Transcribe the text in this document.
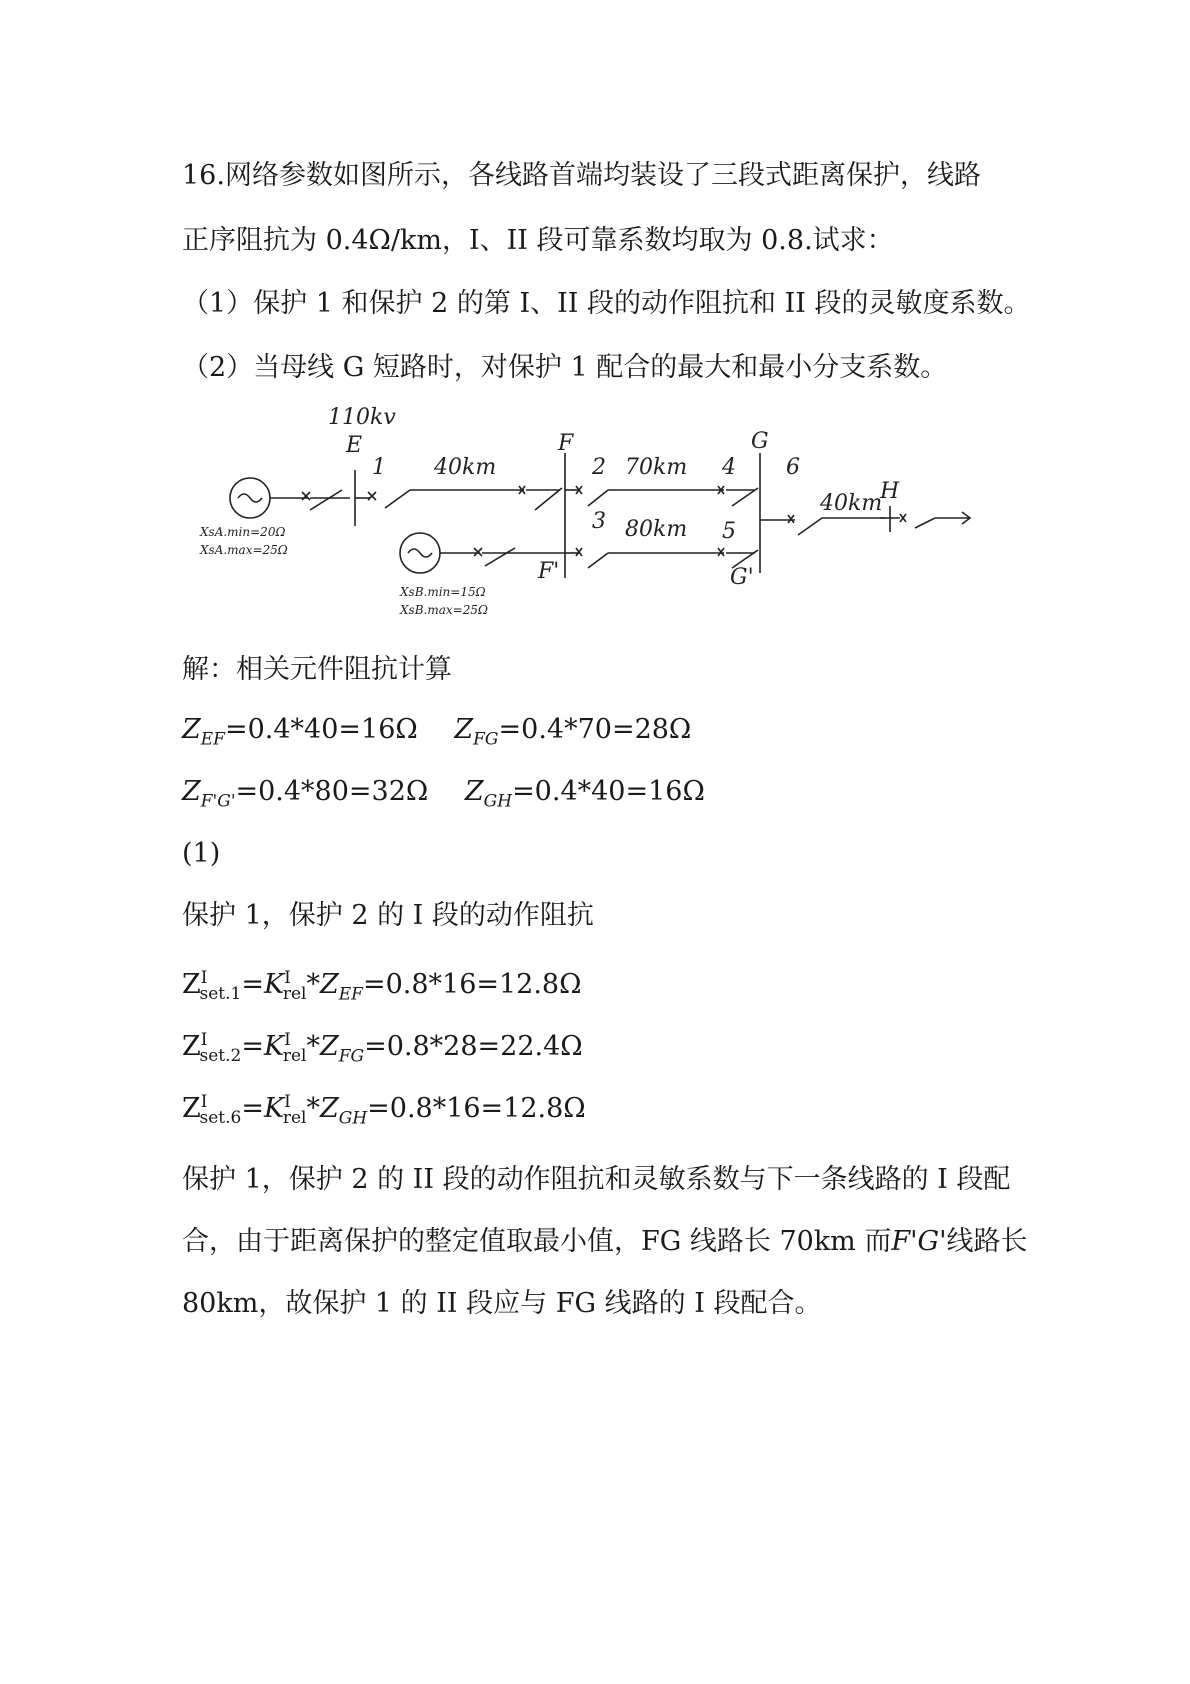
16.网络参数如图所示，各线路首端均装设了三段式距离保护，线路
正序阻抗为 0.4Ω/km，I、II 段可靠系数均取为 0.8.试求：
（1）保护 1 和保护 2 的第 I、II 段的动作阻抗和 II 段的灵敏度系数。
（2）当母线 G 短路时，对保护 1 配合的最大和最小分支系数。
110kv
E
1 40km
F
2 70km 4
G
6
H
40km
3 80km 5
F'	G'
XsA.min=20Ω
XsA.max=25Ω
XsB.min=15Ω
XsB.max=25Ω
解：相关元件阻抗计算
$Z_{EF}=0.4*40=16\Omega$ $Z_{FG}=0.4*70=28\Omega$
$Z_{F'G'}=0.4*80=32\Omega$ $Z_{GH}=0.4*40=16\Omega$
(1)
保护 1，保护 2 的 I 段的动作阻抗
$Z^I_{set.1}=K^I_{rel}*Z_{EF}=0.8*16=12.8\Omega$
$Z^I_{set.2}=K^I_{rel}*Z_{FG}=0.8*28=22.4\Omega$
$Z^I_{set.6}=K^I_{rel}*Z_{GH}=0.8*16=12.8\Omega$
保护 1，保护 2 的 II 段的动作阻抗和灵敏系数与下一条线路的 I 段配
合，由于距离保护的整定值取最小值，FG 线路长 70km 而F'G'线路长
80km，故保护 1 的 II 段应与 FG 线路的 I 段配合。
